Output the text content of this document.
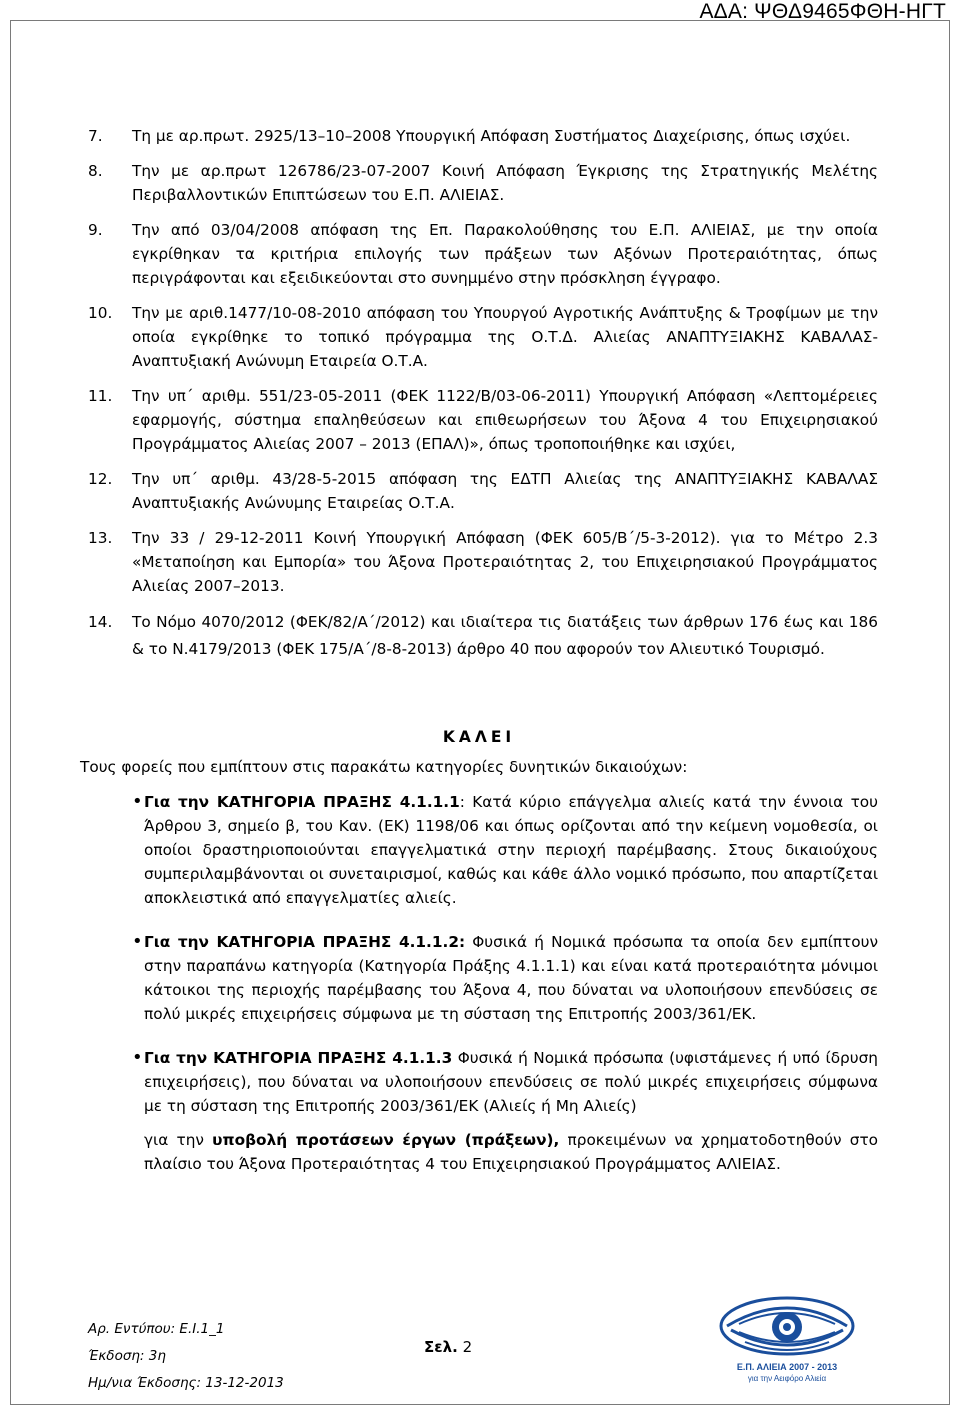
ΑΔΑ: ΨΘΔ9465ΦΘΗ-ΗΓΤ
7.	Τη με αρ.πρωτ. 2925/13–10–2008 Υπουργική Απόφαση Συστήματος Διαχείρισης, όπως ισχύει.
8.	Την με αρ.πρωτ 126786/23-07-2007 Κοινή Απόφαση Έγκρισης της Στρατηγικής Μελέτης Περιβαλλοντικών Επιπτώσεων του Ε.Π. ΑΛΙΕΙΑΣ.
9.	Την από 03/04/2008 απόφαση της Επ. Παρακολούθησης του Ε.Π. ΑΛΙΕΙΑΣ, με την οποία εγκρίθηκαν τα κριτήρια επιλογής των πράξεων των Αξόνων Προτεραιότητας, όπως περιγράφονται και εξειδικεύονται στο συνημμένο στην πρόσκληση έγγραφο.
10.	Την με αριθ.1477/10-08-2010 απόφαση του Υπουργού Αγροτικής Ανάπτυξης & Τροφίμων με την οποία εγκρίθηκε το τοπικό πρόγραμμα της Ο.Τ.Δ. Αλιείας ΑΝΑΠΤΥΞΙΑΚΗΣ ΚΑΒΑΛΑΣ-Αναπτυξιακή Ανώνυμη Εταιρεία Ο.Τ.Α.
11.	Την υπ΄ αριθμ. 551/23-05-2011 (ΦΕΚ 1122/Β/03-06-2011) Υπουργική Απόφαση «Λεπτομέρειες εφαρμογής, σύστημα επαληθεύσεων και επιθεωρήσεων του Άξονα 4 του Επιχειρησιακού Προγράμματος Αλιείας 2007 – 2013 (ΕΠΑΛ)», όπως τροποποιήθηκε και ισχύει,
12.	Την υπ΄ αριθμ. 43/28-5-2015 απόφαση της ΕΔΤΠ Αλιείας της ΑΝΑΠΤΥΞΙΑΚΗΣ ΚΑΒΑΛΑΣ Αναπτυξιακής Ανώνυμης Εταιρείας Ο.Τ.Α.
13.	Την 33 / 29-12-2011 Κοινή Υπουργική Απόφαση (ΦΕΚ 605/Β΄/5-3-2012). για το Μέτρο 2.3 «Μεταποίηση και Εμπορία» του Άξονα Προτεραιότητας 2, του Επιχειρησιακού Προγράμματος Αλιείας 2007–2013.
14.	Το Νόμο 4070/2012 (ΦΕΚ/82/Α΄/2012) και ιδιαίτερα τις διατάξεις των άρθρων 176 έως και 186 & το Ν.4179/2013 (ΦΕΚ 175/Α΄/8-8-2013) άρθρο 40 που αφορούν τον Αλιευτικό Τουρισμό.
ΚΑΛΕΙ
Τους φορείς που εμπίπτουν στις παρακάτω κατηγορίες δυνητικών δικαιούχων:
• Για την ΚΑΤΗΓΟΡΙΑ ΠΡΑΞΗΣ 4.1.1.1: Κατά κύριο επάγγελμα αλιείς κατά την έννοια του Άρθρου 3, σημείο β, του Καν. (ΕΚ) 1198/06 και όπως ορίζονται από την κείμενη νομοθεσία, οι οποίοι δραστηριοποιούνται επαγγελματικά στην περιοχή παρέμβασης. Στους δικαιούχους συμπεριλαμβάνονται οι συνεταιρισμοί, καθώς και κάθε άλλο νομικό πρόσωπο, που απαρτίζεται αποκλειστικά από επαγγελματίες αλιείς.
• Για την ΚΑΤΗΓΟΡΙΑ ΠΡΑΞΗΣ 4.1.1.2: Φυσικά ή Νομικά πρόσωπα τα οποία δεν εμπίπτουν στην παραπάνω κατηγορία (Κατηγορία Πράξης 4.1.1.1) και είναι κατά προτεραιότητα μόνιμοι κάτοικοι της περιοχής παρέμβασης του Άξονα 4, που δύναται να υλοποιήσουν επενδύσεις σε πολύ μικρές επιχειρήσεις σύμφωνα με τη σύσταση της Επιτροπής 2003/361/ΕΚ.
• Για την ΚΑΤΗΓΟΡΙΑ ΠΡΑΞΗΣ 4.1.1.3 Φυσικά ή Νομικά πρόσωπα (υφιστάμενες ή υπό ίδρυση επιχειρήσεις), που δύναται να υλοποιήσουν επενδύσεις σε πολύ μικρές επιχειρήσεις σύμφωνα με τη σύσταση της Επιτροπής 2003/361/ΕΚ (Αλιείς ή Μη Αλιείς)
για την υποβολή προτάσεων έργων (πράξεων), προκειμένων να χρηματοδοτηθούν στο πλαίσιο του Άξονα Προτεραιότητας 4 του Επιχειρησιακού Προγράμματος ΑΛΙΕΙΑΣ.
Αρ. Εντύπου: Ε.Ι.1_1
Έκδοση: 3η
Ημ/νια Έκδοσης: 13-12-2013
Σελ. 2
Ε.Π. ΑΛΙΕΙΑ 2007 - 2013
για την Αειφόρο Αλιεία
